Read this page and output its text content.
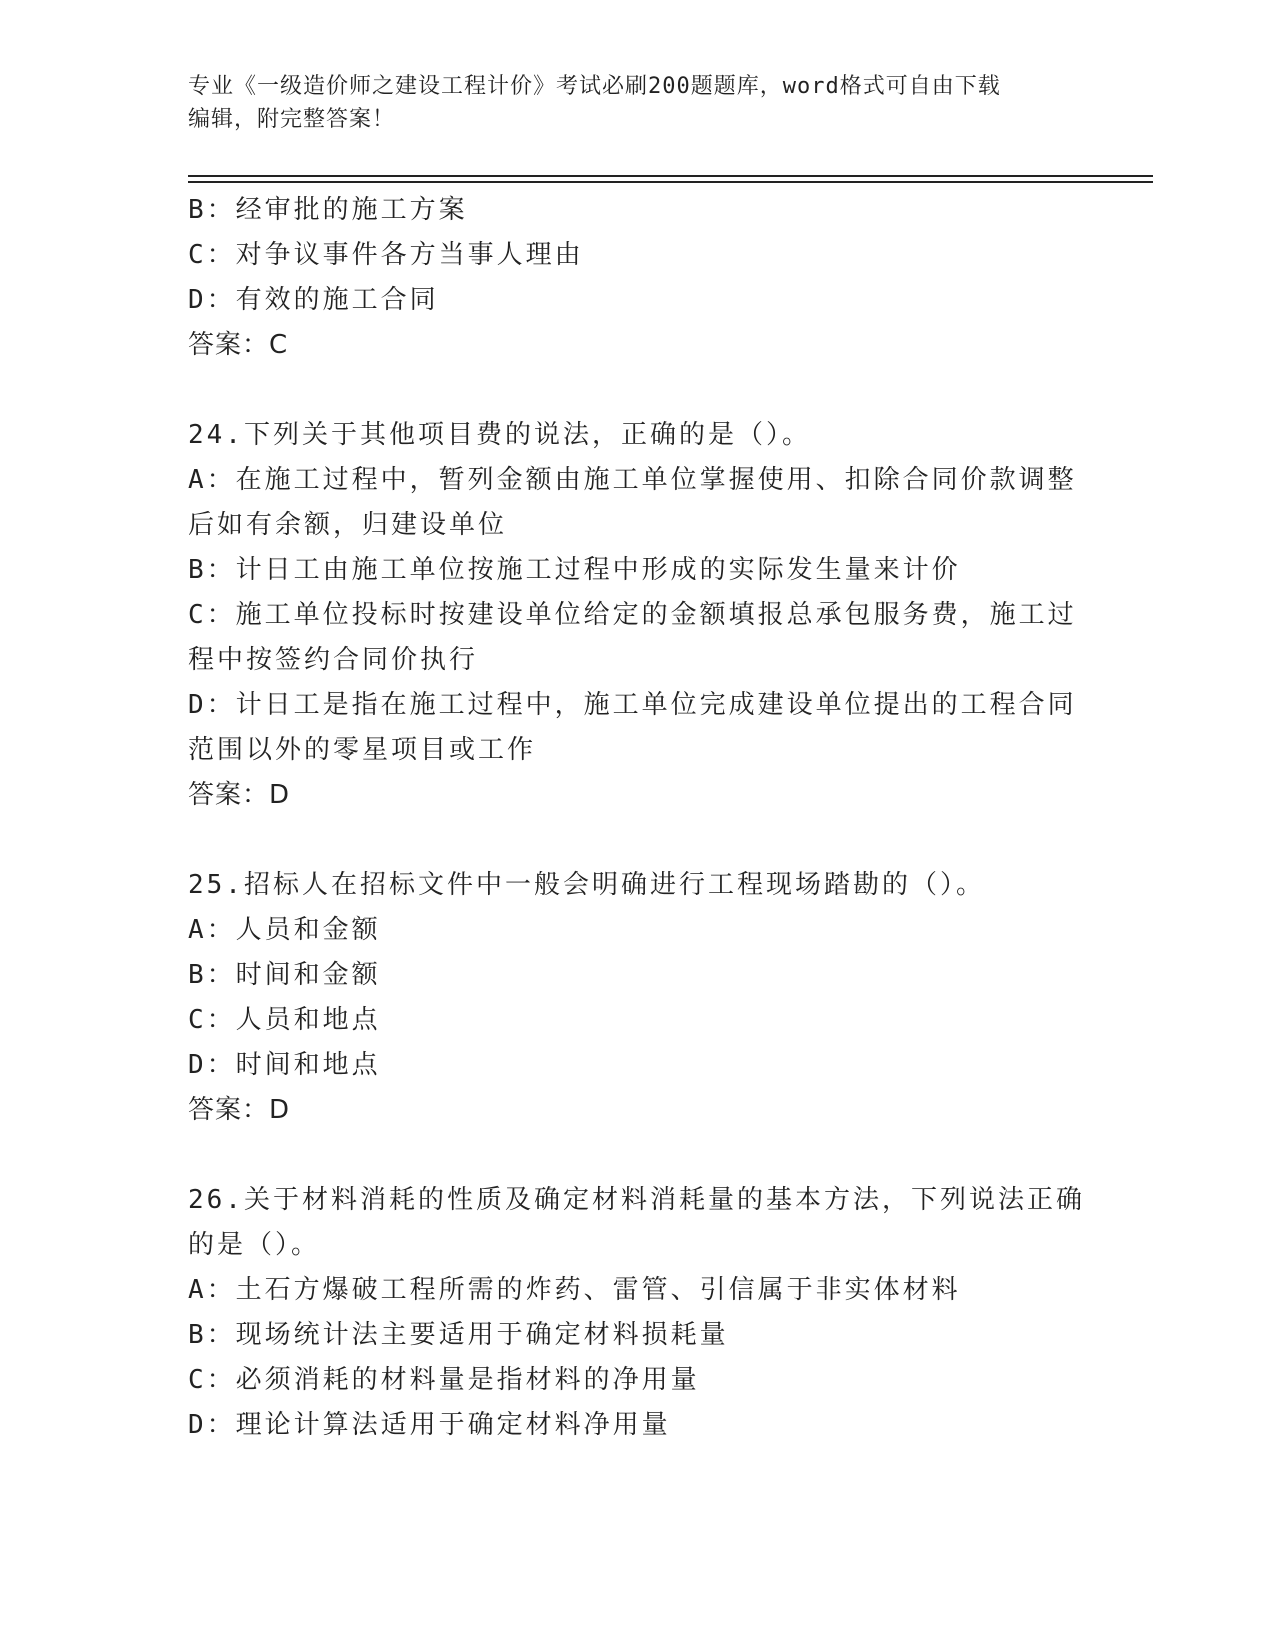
专业《一级造价师之建设工程计价》考试必刷200题题库，word格式可自由下载
编辑，附完整答案！
B：经审批的施工方案
C：对争议事件各方当事人理由
D：有效的施工合同
答案：C
24.下列关于其他项目费的说法，正确的是（）。
A：在施工过程中，暂列金额由施工单位掌握使用、扣除合同价款调整
后如有余额，归建设单位
B：计日工由施工单位按施工过程中形成的实际发生量来计价
C：施工单位投标时按建设单位给定的金额填报总承包服务费，施工过
程中按签约合同价执行
D：计日工是指在施工过程中，施工单位完成建设单位提出的工程合同
范围以外的零星项目或工作
答案：D
25.招标人在招标文件中一般会明确进行工程现场踏勘的（）。
A：人员和金额
B：时间和金额
C：人员和地点
D：时间和地点
答案：D
26.关于材料消耗的性质及确定材料消耗量的基本方法，下列说法正确
的是（）。
A：土石方爆破工程所需的炸药、雷管、引信属于非实体材料
B：现场统计法主要适用于确定材料损耗量
C：必须消耗的材料量是指材料的净用量
D：理论计算法适用于确定材料净用量
